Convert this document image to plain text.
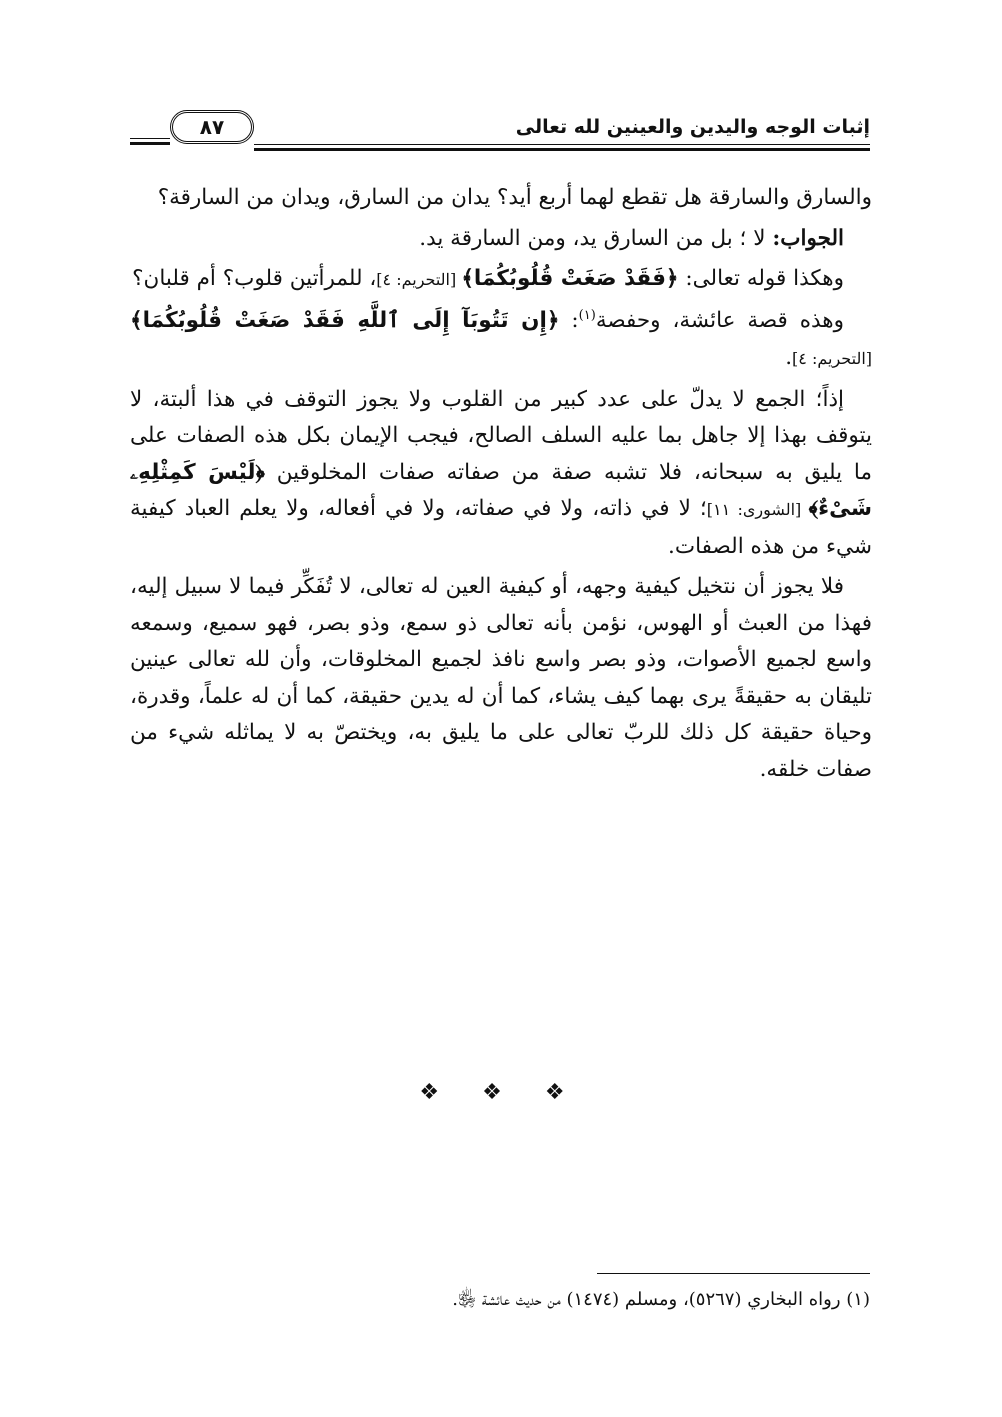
٨٧	إثبات الوجه واليدين والعينين لله تعالى

والسارق والسارقة هل تقطع لهما أربع أيد؟ يدان من السارق، ويدان من السارقة؟

الجواب: لا ؛ بل من السارق يد، ومن السارقة يد.

وهكذا قوله تعالى: ﴿فَقَدْ صَغَتْ قُلُوبُكُمَا﴾ [التحريم: ٤]، للمرأتين قلوب؟ أم قلبان؟

وهذه قصة عائشة، وحفصة$^{(١)}$: ﴿إِن تَتُوبَآ إِلَى ٱللَّهِ فَقَدْ صَغَتْ قُلُوبُكُمَا﴾ [التحريم: ٤].

إذاً؛ الجمع لا يدلّ على عدد كبير من القلوب ولا يجوز التوقف في هذا ألبتة، لا يتوقف بهذا إلا جاهل بما عليه السلف الصالح، فيجب الإيمان بكل هذه الصفات على ما يليق به سبحانه، فلا تشبه صفة من صفاته صفات المخلوقين ﴿لَيْسَ كَمِثْلِهِۦ شَىْءٌ﴾ [الشورى: ١١]؛ لا في ذاته، ولا في صفاته، ولا في أفعاله، ولا يعلم العباد كيفية شيء من هذه الصفات.

فلا يجوز أن نتخيل كيفية وجهه، أو كيفية العين له تعالى، لا تُفَكِّر فيما لا سبيل إليه، فهذا من العبث أو الهوس، نؤمن بأنه تعالى ذو سمع، وذو بصر، فهو سميع، وسمعه واسع لجميع الأصوات، وذو بصر واسع نافذ لجميع المخلوقات، وأن لله تعالى عينين تليقان به حقيقةً يرى بهما كيف يشاء، كما أن له يدين حقيقة، كما أن له علماً، وقدرة، وحياة حقيقة كل ذلك للربّ تعالى على ما يليق به، ويختصّ به لا يماثله شيء من صفات خلقه.

❖ ❖ ❖
(١) رواه البخاري (٥٢٦٧)، ومسلم (١٤٧٤) من حديث عائشة ﵂.
